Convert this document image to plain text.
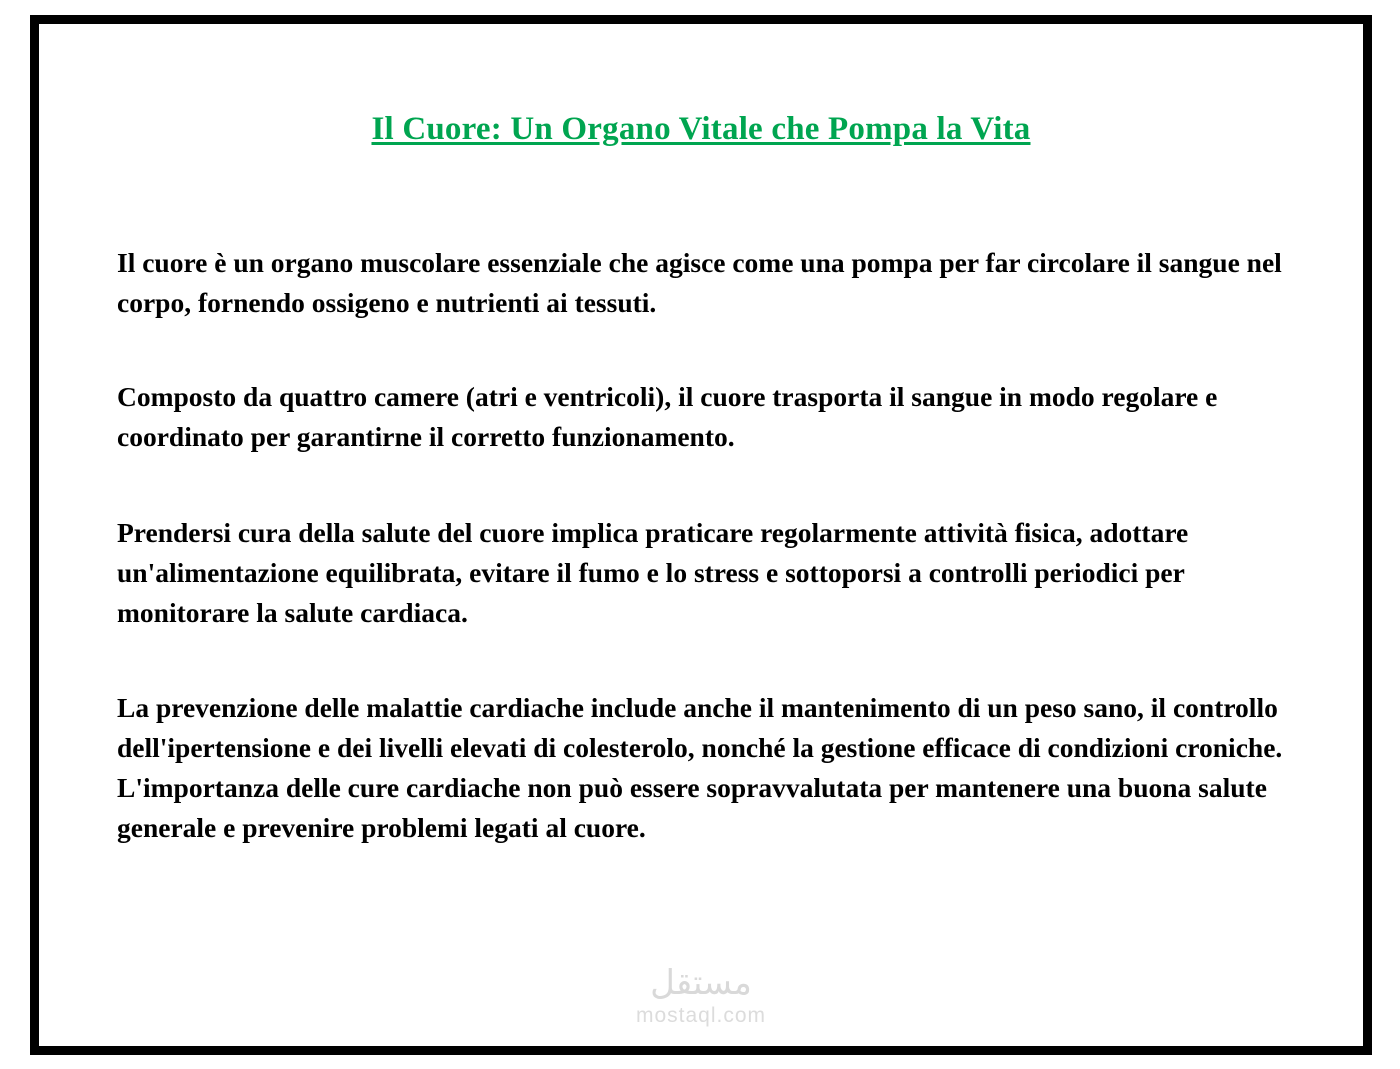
Il Cuore: Un Organo Vitale che Pompa la Vita

Il cuore è un organo muscolare essenziale che agisce come una pompa per far circolare il sangue nel corpo, fornendo ossigeno e nutrienti ai tessuti.

Composto da quattro camere (atri e ventricoli), il cuore trasporta il sangue in modo regolare e coordinato per garantirne il corretto funzionamento.

Prendersi cura della salute del cuore implica praticare regolarmente attività fisica, adottare un'alimentazione equilibrata, evitare il fumo e lo stress e sottoporsi a controlli periodici per monitorare la salute cardiaca.

La prevenzione delle malattie cardiache include anche il mantenimento di un peso sano, il controllo dell'ipertensione e dei livelli elevati di colesterolo, nonché la gestione efficace di condizioni croniche. L'importanza delle cure cardiache non può essere sopravvalutata per mantenere una buona salute generale e prevenire problemi legati al cuore.

مستقل
mostaql.com
